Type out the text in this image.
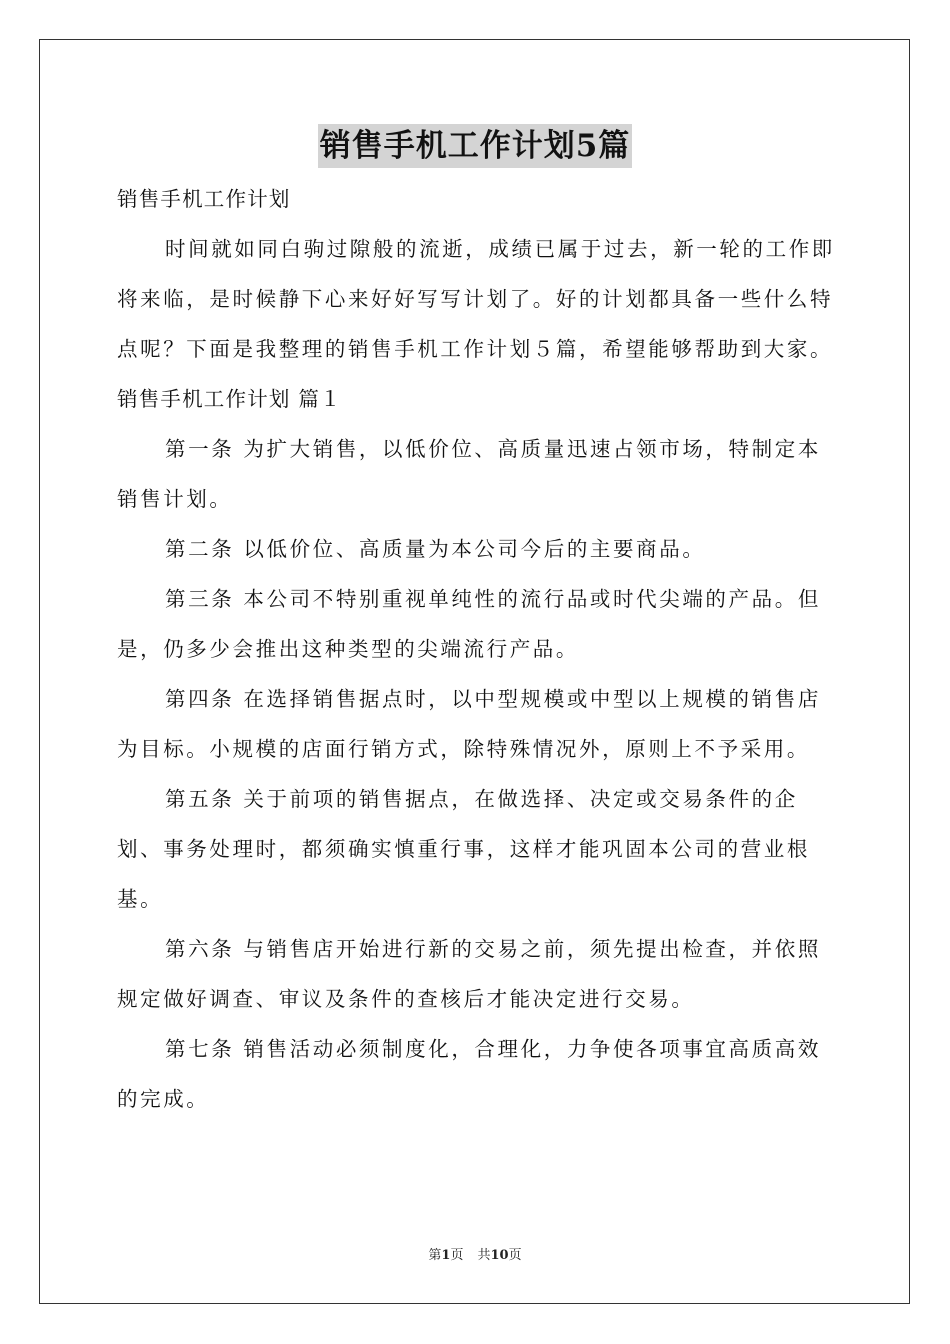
销售手机工作计划5篇

销售手机工作计划

时间就如同白驹过隙般的流逝，成绩已属于过去，新一轮的工作即将来临，是时候静下心来好好写写计划了。好的计划都具备一些什么特点呢？下面是我整理的销售手机工作计划５篇，希望能够帮助到大家。

销售手机工作计划 篇１

第一条 为扩大销售，以低价位、高质量迅速占领市场，特制定本销售计划。

第二条 以低价位、高质量为本公司今后的主要商品。

第三条 本公司不特别重视单纯性的流行品或时代尖端的产品。但是，仍多少会推出这种类型的尖端流行产品。

第四条 在选择销售据点时，以中型规模或中型以上规模的销售店为目标。小规模的店面行销方式，除特殊情况外，原则上不予采用。

第五条 关于前项的销售据点，在做选择、决定或交易条件的企划、事务处理时，都须确实慎重行事，这样才能巩固本公司的营业根基。

第六条 与销售店开始进行新的交易之前，须先提出检查，并依照规定做好调查、审议及条件的查核后才能决定进行交易。

第七条 销售活动必须制度化，合理化，力争使各项事宜高质高效的完成。

第1页 共10页
